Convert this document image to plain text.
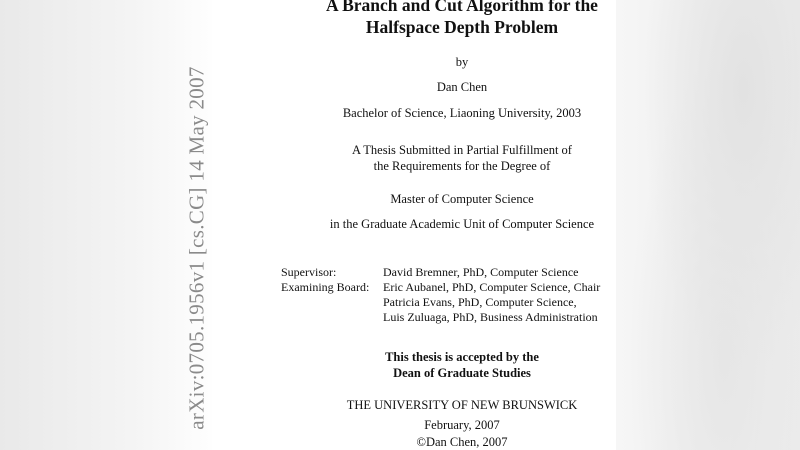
arXiv:0705.1956v1 [cs.CG] 14 May 2007
A Branch and Cut Algorithm for the
Halfspace Depth Problem
by
Dan Chen
Bachelor of Science, Liaoning University, 2003
A Thesis Submitted in Partial Fulfillment of
the Requirements for the Degree of
Master of Computer Science
in the Graduate Academic Unit of Computer Science
Supervisor:	David Bremner, PhD, Computer Science
Examining Board: Eric Aubanel, PhD, Computer Science, Chair
Patricia Evans, PhD, Computer Science,
Luis Zuluaga, PhD, Business Administration
This thesis is accepted by the
Dean of Graduate Studies
THE UNIVERSITY OF NEW BRUNSWICK
February, 2007
©Dan Chen, 2007
